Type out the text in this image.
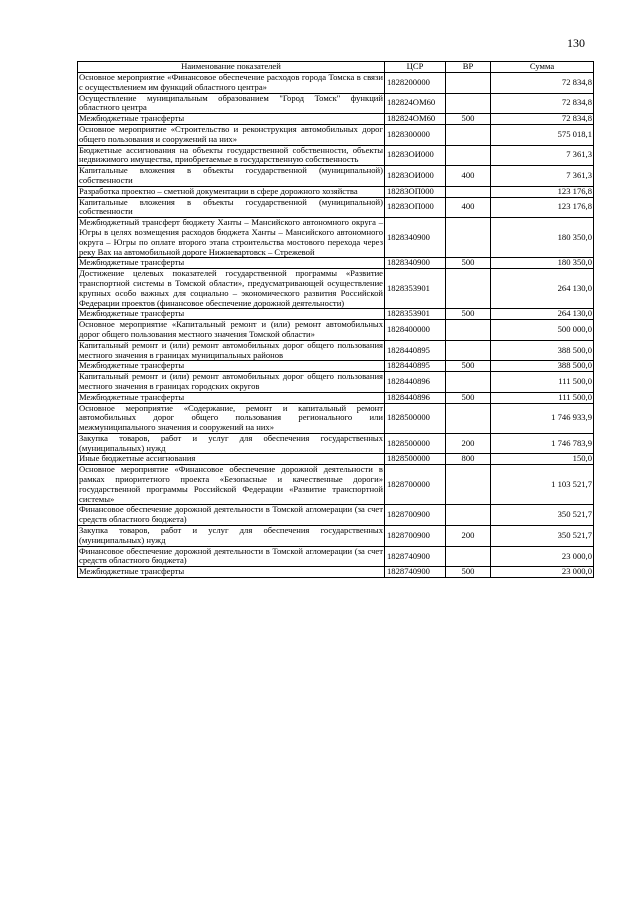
130
Наименование показателей	ЦСР	ВР	Сумма
Основное мероприятие «Финансовое обеспечение расходов города Томска в связи с осуществлением им функций областного центра»	1828200000		72 834,8
Осуществление муниципальным образованием "Город Томск" функций областного центра	182824OM60		72 834,8
Межбюджетные трансферты	182824OM60	500	72 834,8
Основное мероприятие «Строительство и реконструкция автомобильных дорог общего пользования и сооружений на них»	1828300000		575 018,1
Бюджетные ассигнования на объекты государственной собственности, объекты недвижимого имущества, приобретаемые в государственную собственность	18283OИ000		7 361,3
Капитальные вложения в объекты государственной (муниципальной) собственности	18283OИ000	400	7 361,3
Разработка проектно – сметной документации в сфере дорожного хозяйства	18283OП000		123 176,8
Капитальные вложения в объекты государственной (муниципальной) собственности	18283OП000	400	123 176,8
Межбюджетный трансферт бюджету Ханты – Мансийского автономного округа – Югры в целях возмещения расходов бюджета Ханты – Мансийского автономного округа – Югры по оплате второго этапа строительства мостового перехода через реку Вах на автомобильной дороге Нижневартовск – Стрежевой	1828340900		180 350,0
Межбюджетные трансферты	1828340900	500	180 350,0
Достижение целевых показателей государственной программы «Развитие транспортной системы в Томской области», предусматривающей осуществление крупных особо важных для социально – экономического развития Российской Федерации проектов (финансовое обеспечение дорожной деятельности)	1828353901		264 130,0
Межбюджетные трансферты	1828353901	500	264 130,0
Основное мероприятие «Капитальный ремонт и (или) ремонт автомобильных дорог общего пользования местного значения Томской области»	1828400000		500 000,0
Капитальный ремонт и (или) ремонт автомобильных дорог общего пользования местного значения в границах муниципальных районов	1828440895		388 500,0
Межбюджетные трансферты	1828440895	500	388 500,0
Капитальный ремонт и (или) ремонт автомобильных дорог общего пользования местного значения в границах городских округов	1828440896		111 500,0
Межбюджетные трансферты	1828440896	500	111 500,0
Основное мероприятие «Содержание, ремонт и капитальный ремонт автомобильных дорог общего пользования регионального или межмуниципального значения и сооружений на них»	1828500000		1 746 933,9
Закупка товаров, работ и услуг для обеспечения государственных (муниципальных) нужд	1828500000	200	1 746 783,9
Иные бюджетные ассигнования	1828500000	800	150,0
Основное мероприятие «Финансовое обеспечение дорожной деятельности в рамках приоритетного проекта «Безопасные и качественные дороги» государственной программы Российской Федерации «Развитие транспортной системы»	1828700000		1 103 521,7
Финансовое обеспечение дорожной деятельности в Томской агломерации (за счет средств областного бюджета)	1828700900		350 521,7
Закупка товаров, работ и услуг для обеспечения государственных (муниципальных) нужд	1828700900	200	350 521,7
Финансовое обеспечение дорожной деятельности в Томской агломерации (за счет средств областного бюджета)	1828740900		23 000,0
Межбюджетные трансферты	1828740900	500	23 000,0
